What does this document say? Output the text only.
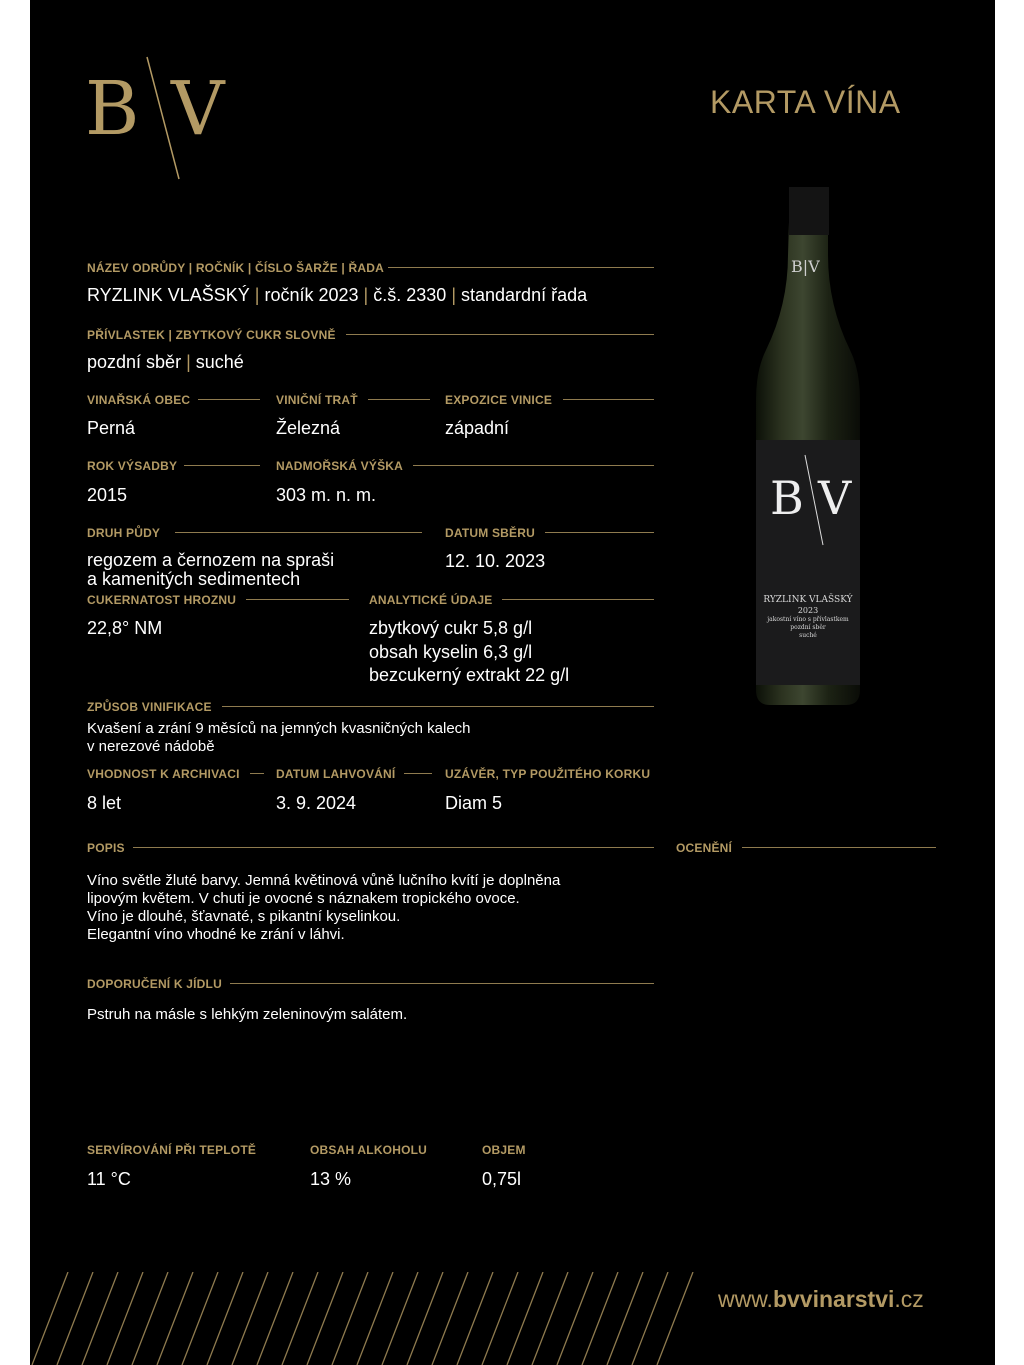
B V	KARTA VÍNA
B|V
B V
RYZLINK VLAŠSKÝ
2023
jakostní víno s přívlastkem
pozdní sběr
suché
NÁZEV ODRŮDY | ROČNÍK | ČÍSLO ŠARŽE | ŘADA
RYZLINK VLAŠSKÝ | ročník 2023 | č.š. 2330 | standardní řada
PŘÍVLASTEK | ZBYTKOVÝ CUKR SLOVNĚ
pozdní sběr | suché
VINAŘSKÁ OBEC
Perná
VINIČNÍ TRAŤ
Železná
EXPOZICE VINICE
západní
ROK VÝSADBY
2015
NADMOŘSKÁ VÝŠKA
303 m. n. m.
DRUH PŮDY
regozem a černozem na spraši
a kamenitých sedimentech
DATUM SBĚRU
12. 10. 2023
CUKERNATOST HROZNU
22,8° NM
ANALYTICKÉ ÚDAJE
zbytkový cukr 5,8 g/l
obsah kyselin 6,3 g/l
bezcukerný extrakt 22 g/l
ZPŮSOB VINIFIKACE
Kvašení a zrání 9 měsíců na jemných kvasničných kalech
v nerezové nádobě
VHODNOST K ARCHIVACI
8 let
DATUM LAHVOVÁNÍ
3. 9. 2024
UZÁVĚR, TYP POUŽITÉHO KORKU
Diam 5
POPIS	OCENĚNÍ
Víno světle žluté barvy. Jemná květinová vůně lučního kvítí je doplněna
lipovým květem. V chuti je ovocné s náznakem tropického ovoce.
Víno je dlouhé, šťavnaté, s pikantní kyselinkou.
Elegantní víno vhodné ke zrání v láhvi.
DOPORUČENÍ K JÍDLU
Pstruh na másle s lehkým zeleninovým salátem.
SERVÍROVÁNÍ PŘI TEPLOTĚ
11 °C
OBSAH ALKOHOLU
13 %
OBJEM
0,75l
www.bvvinarstvi.cz
